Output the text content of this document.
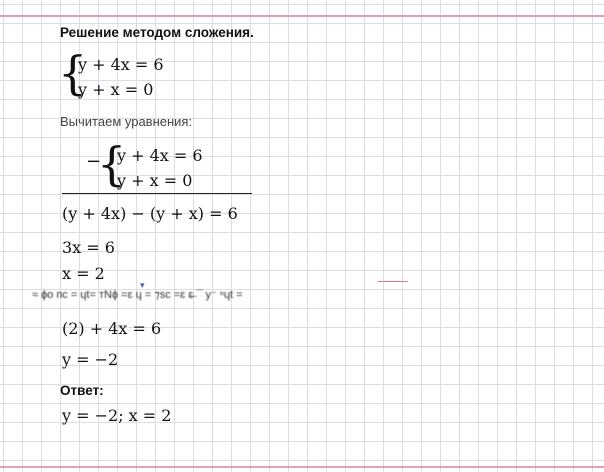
Решение методом сложения.
{
y + 4x = 6
y + x = 0
Вычитаем уравнения:
−
{
y + 4x = 6
y + x = 0
(y + 4x) − (y + x) = 6
3x = 6
x = 2
▾
≈ ɸo пс = ɥt= тNɸ =ɛ ɥ = ⁊sc =ɛ ɛ̶ ¯ y⁻ ⁿɥt =
(2) + 4x = 6
y = −2
Ответ:
y = −2; x = 2
